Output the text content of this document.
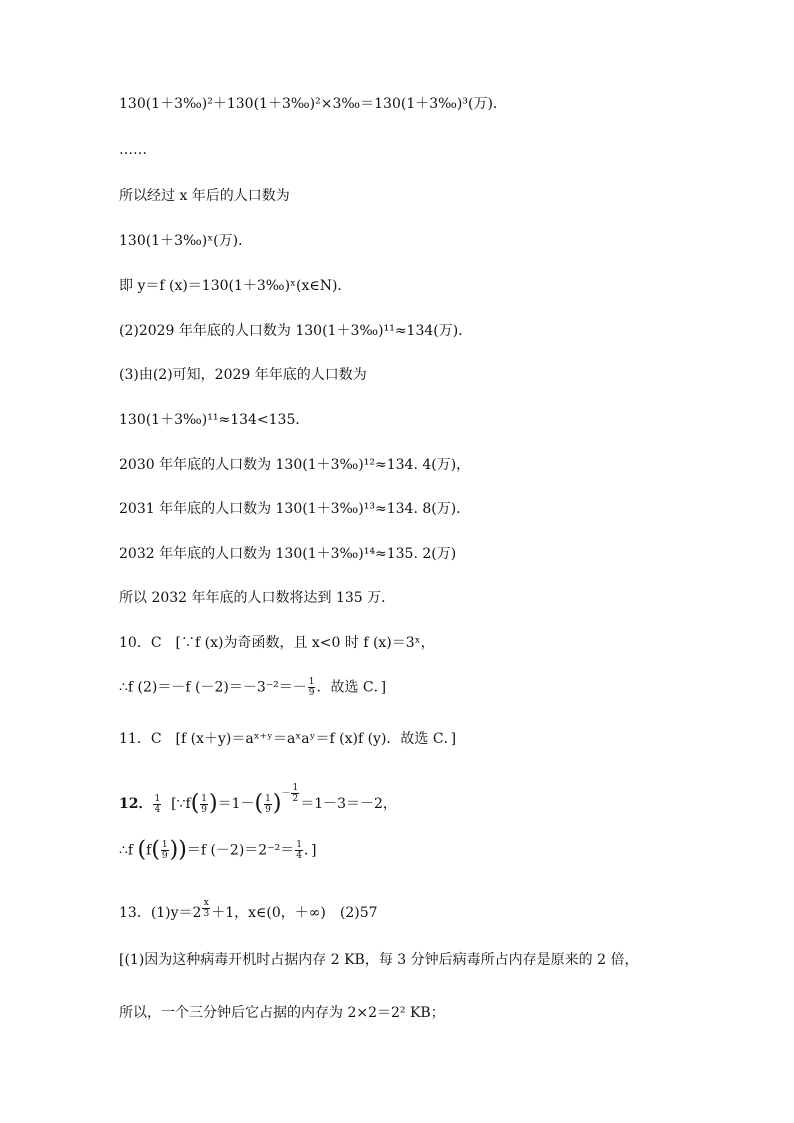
130(1＋3‰)²＋130(1＋3‰)²×3‰＝130(1＋3‰)³(万)．
……
所以经过 x 年后的人口数为
130(1＋3‰)ˣ(万)．
即 y＝f (x)＝130(1＋3‰)ˣ(x∈N)．
(2)2029 年年底的人口数为 130(1＋3‰)¹¹≈134(万)．
(3)由(2)可知，2029 年年底的人口数为
130(1＋3‰)¹¹≈134<135．
2030 年年底的人口数为 130(1＋3‰)¹²≈134. 4(万)，
2031 年年底的人口数为 130(1＋3‰)¹³≈134. 8(万)．
2032 年年底的人口数为 130(1＋3‰)¹⁴≈135. 2(万)
所以 2032 年年底的人口数将达到 135 万．
10．C　[∵f (x)为奇函数，且 x<0 时 f (x)＝3ˣ，
∴f (2)＝－f $(-2)=-3^{-2}=- \frac{1}{9}$ ．故选 C．]
11．C　[f (x＋y)＝aˣ⁺ʸ＝aˣaʸ＝f (x)f (y)．故选 C．]
12． $\frac{1}{4}$ [∵f( $\frac{1}{9} )=1-( \frac{1}{9} )^{- \frac{1}{2}} =1-3=-2$，
∴f $(f( \frac{1}{9} ))=f$ $(-2)=2^{-2}= \frac{1}{4}$ ．]
13．(1)y＝2 $^{\frac{x}{3}}$ ＋1，x∈(0，＋∞)　(2)57
[(1)因为这种病毒开机时占据内存 2 KB，每 3 分钟后病毒所占内存是原来的 2 倍，
所以，一个三分钟后它占据的内存为 2×2＝2² KB；
